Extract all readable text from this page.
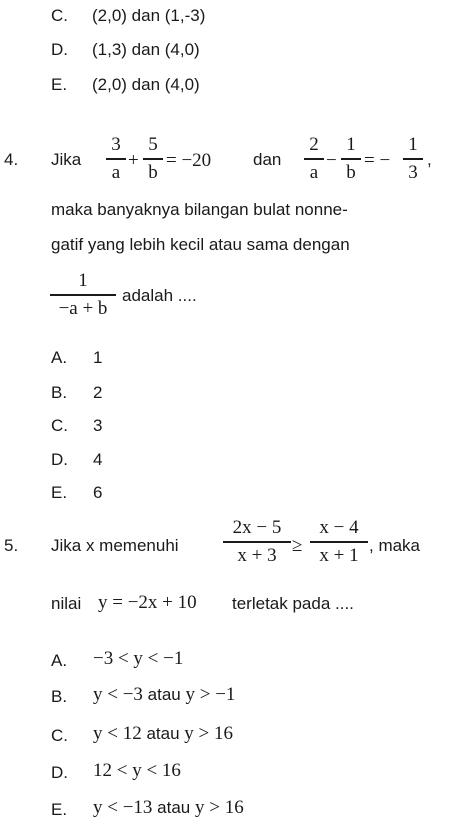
C.	(2,0) dan (1,-3)
D.	(1,3) dan (4,0)
E.	(2,0) dan (4,0)
4. Jika
3
a
+
5
b
= −20 dan
2
a
−
1
b
= −
1
3
,
maka banyaknya bilangan bulat nonne-
gatif yang lebih kecil atau sama dengan
1
−a + b
adalah ....
A.	1
B.	2
C.	3
D.	4
E.	6
5. Jika x memenuhi
2x − 5
x + 3 ≥
x − 4
x + 1 , maka
nilai y = −2x + 10 terletak pada ....
A.	−3 < y < −1
B.	y < −3 atau y > −1
C.	y < 12 atau y > 16
D.	12 < y < 16
E.	y < −13 atau y > 16
